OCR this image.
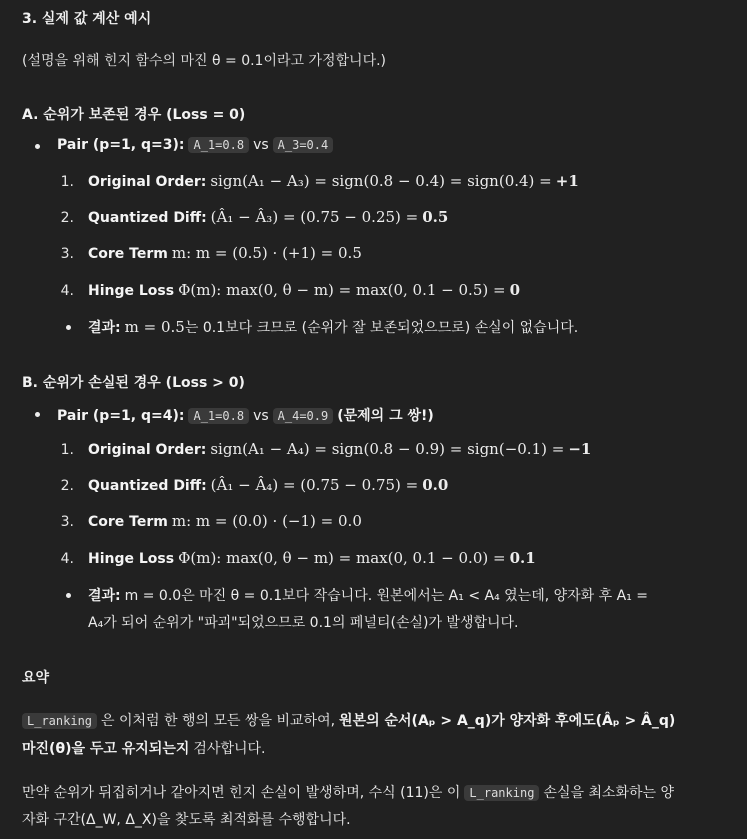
3. 실제 값 계산 예시
(설명을 위해 힌지 함수의 마진 θ = 0.1이라고 가정합니다.)
A. 순위가 보존된 경우 (Loss = 0)
Pair (p=1, q=3): A_1=0.8 vs A_3=0.4
1. Original Order: sign(A₁ − A₃) = sign(0.8 − 0.4) = sign(0.4) = +1
2. Quantized Diff: (Â₁ − Â₃) = (0.75 − 0.25) = 0.5
3. Core Term m: m = (0.5) · (+1) = 0.5
4. Hinge Loss Φ(m): max(0, θ − m) = max(0, 0.1 − 0.5) = 0
결과: m = 0.5 는 0.1보다 크므로 (순위가 잘 보존되었으므로) 손실이 없습니다.
B. 순위가 손실된 경우 (Loss > 0)
Pair (p=1, q=4): A_1=0.8 vs A_4=0.9 (문제의 그 쌍!)
1. Original Order: sign(A₁ − A₄) = sign(0.8 − 0.9) = sign(−0.1) = −1
2. Quantized Diff: (Â₁ − Â₄) = (0.75 − 0.75) = 0.0
3. Core Term m: m = (0.0) · (−1) = 0.0
4. Hinge Loss Φ(m): max(0, θ − m) = max(0, 0.1 − 0.0) = 0.1
결과: m = 0.0은 마진 θ = 0.1보다 작습니다. 원본에서는 A₁ < A₄ 였는데, 양자화 후 A₁ =
A₄가 되어 순위가 "파괴"되었으므로 0.1의 페널티(손실)가 발생합니다.
요약
L_ranking 은 이처럼 한 행의 모든 쌍을 비교하여, 원본의 순서(Aₚ > A_q)가 양자화 후에도(Âₚ > Â_q)
마진(θ)을 두고 유지되는지 검사합니다.
만약 순위가 뒤집히거나 같아지면 힌지 손실이 발생하며, 수식 (11)은 이 L_ranking 손실을 최소화하는 양
자화 구간(Δ_W, Δ_X)을 찾도록 최적화를 수행합니다.
